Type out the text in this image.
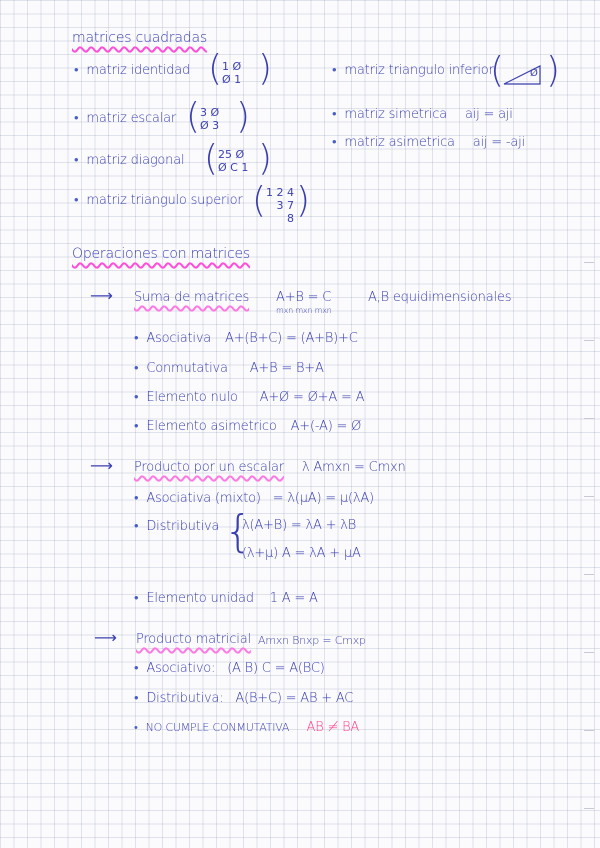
matrices cuadradas
• matriz identidad ( 1 Ø
Ø 1 )
• matriz escalar ( 3 Ø
Ø 3 )
• matriz diagonal ( 25 Ø
Ø C 1 )
• matriz triangulo superior ( 1 2 4
3 7
8 )
• matriz triangulo inferior
(	Ø )
• matriz simetrica aij = aji
• matriz asimetrica aij = -aji
Operaciones con matrices
⟶ Suma de matrices A+B = C
mxn mxn mxn
A,B equidimensionales
• Asociativa A+(B+C) = (A+B)+C
• Conmutativa A+B = B+A
• Elemento nulo A+Ø = Ø+A = A
• Elemento asimetrico A+(-A) = Ø
⟶ Producto por un escalar λ Amxn = Cmxn
• Asociativa (mixto) = λ(μA) = μ(λA)
• Distributiva {
λ(A+B) = λA + λB
(λ+μ) A = λA + μA
• Elemento unidad 1 A = A
⟶ Producto matricial Amxn Bnxp = Cmxp
• Asociativo: (A B) C = A(BC)
• Distributiva: A(B+C) = AB + AC
• NO CUMPLE CONMUTATIVA AB ≠ BA
